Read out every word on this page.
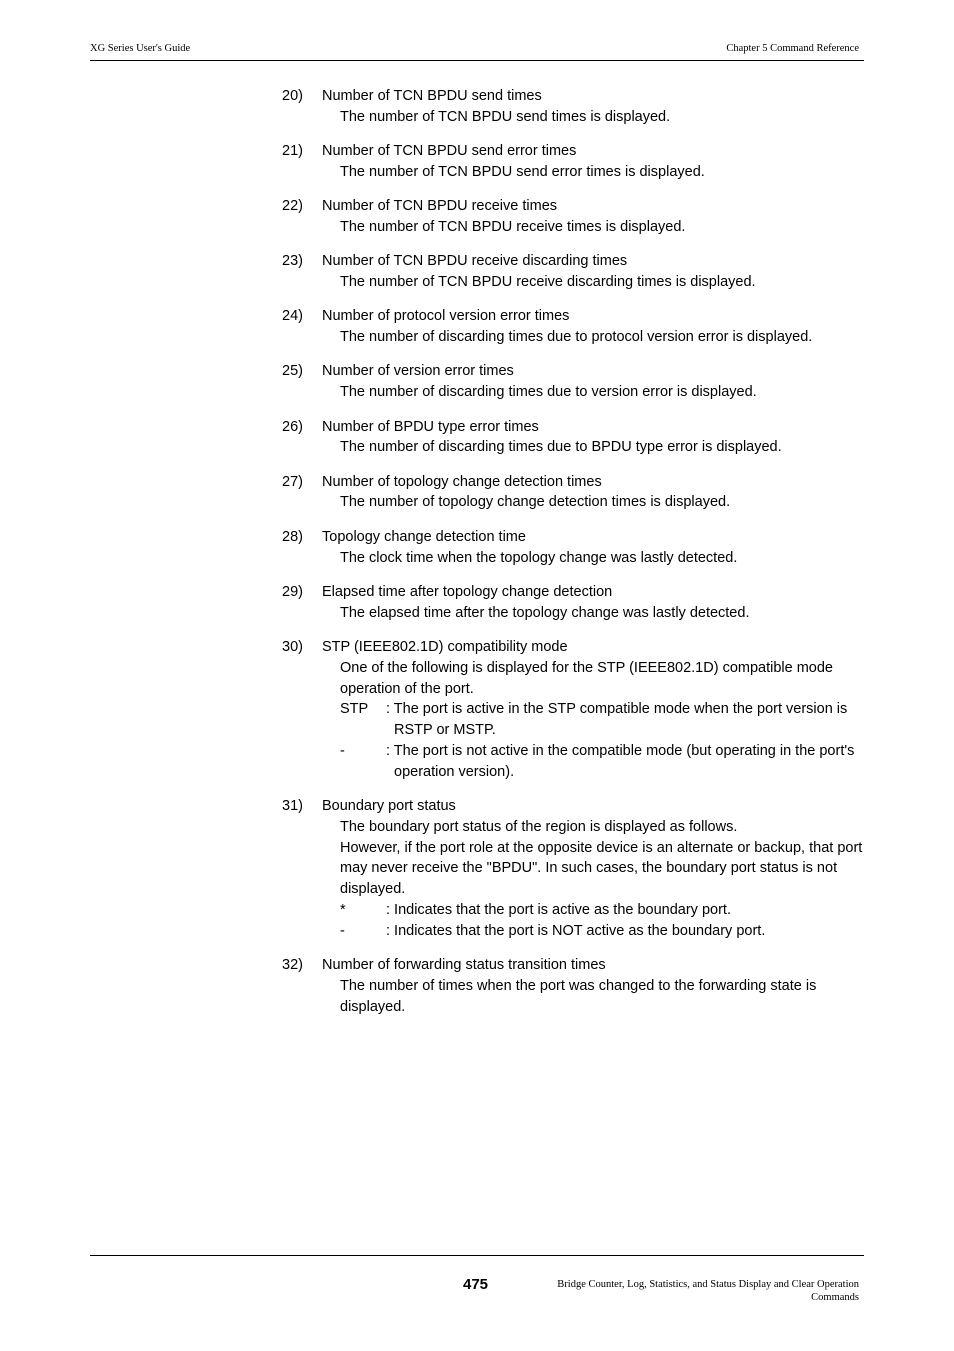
XG Series User's Guide	Chapter 5 Command Reference
20)	Number of TCN BPDU send times
The number of TCN BPDU send times is displayed.
21)	Number of TCN BPDU send error times
The number of TCN BPDU send error times is displayed.
22)	Number of TCN BPDU receive times
The number of TCN BPDU receive times is displayed.
23)	Number of TCN BPDU receive discarding times
The number of TCN BPDU receive discarding times is displayed.
24)	Number of protocol version error times
The number of discarding times due to protocol version error is displayed.
25)	Number of version error times
The number of discarding times due to version error is displayed.
26)	Number of BPDU type error times
The number of discarding times due to BPDU type error is displayed.
27)	Number of topology change detection times
The number of topology change detection times is displayed.
28)	Topology change detection time
The clock time when the topology change was lastly detected.
29)	Elapsed time after topology change detection
The elapsed time after the topology change was lastly detected.
30)	STP (IEEE802.1D) compatibility mode
One of the following is displayed for the STP (IEEE802.1D) compatible mode operation of the port.
STP	: The port is active in the STP compatible mode when the port version is RSTP or MSTP.
-	: The port is not active in the compatible mode (but operating in the port's operation version).
31)	Boundary port status
The boundary port status of the region is displayed as follows.
However, if the port role at the opposite device is an alternate or backup, that port may never receive the "BPDU". In such cases, the boundary port status is not displayed.
*	: Indicates that the port is active as the boundary port.
-	: Indicates that the port is NOT active as the boundary port.
32)	Number of forwarding status transition times
The number of times when the port was changed to the forwarding state is displayed.
475	Bridge Counter, Log, Statistics, and Status Display and Clear Operation
Commands
